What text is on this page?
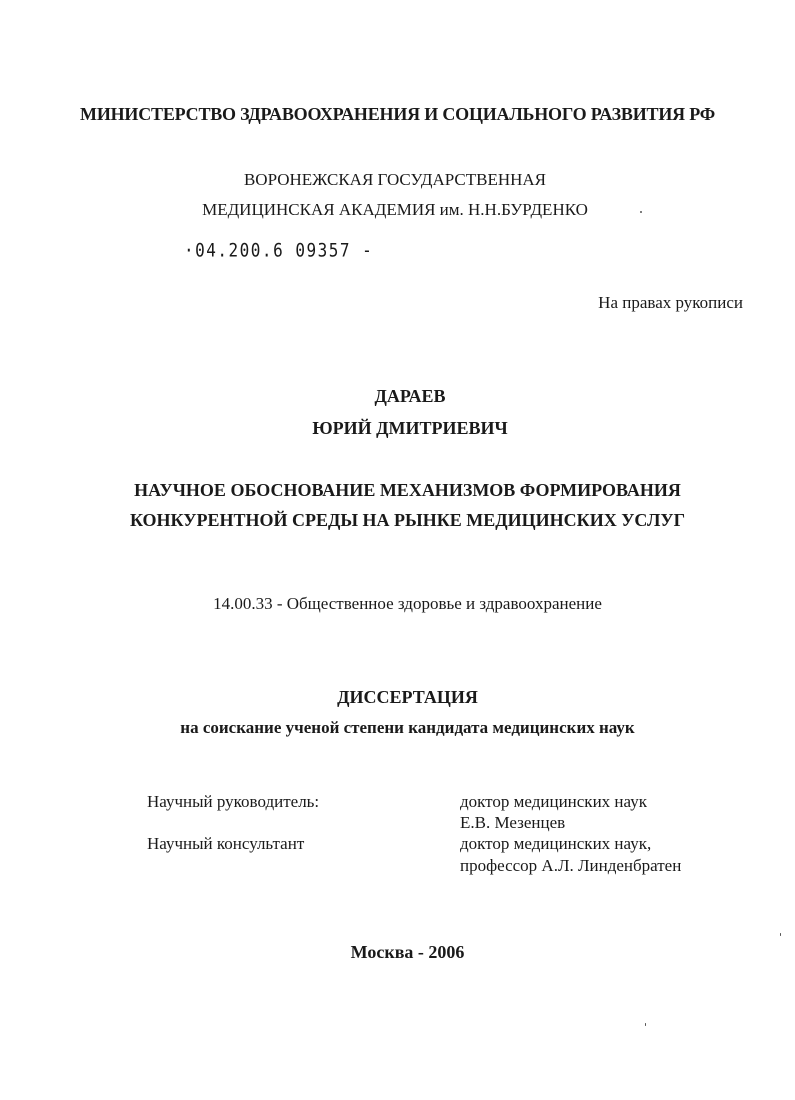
МИНИСТЕРСТВО ЗДРАВООХРАНЕНИЯ И СОЦИАЛЬНОГО РАЗВИТИЯ РФ
ВОРОНЕЖСКАЯ ГОСУДАРСТВЕННАЯ
МЕДИЦИНСКАЯ АКАДЕМИЯ им. Н.Н.БУРДЕНКО
·04.200.6 09357 -
На правах рукописи
ДАРАЕВ
ЮРИЙ ДМИТРИЕВИЧ
НАУЧНОЕ ОБОСНОВАНИЕ МЕХАНИЗМОВ ФОРМИРОВАНИЯ
КОНКУРЕНТНОЙ СРЕДЫ НА РЫНКЕ МЕДИЦИНСКИХ УСЛУГ
14.00.33 - Общественное здоровье и здравоохранение
ДИССЕРТАЦИЯ
на соискание ученой степени кандидата медицинских наук
Научный руководитель:	доктор медицинских наук
Е.В. Мезенцев
Научный консультант	доктор медицинских наук,
профессор А.Л. Линденбратен
Москва - 2006
